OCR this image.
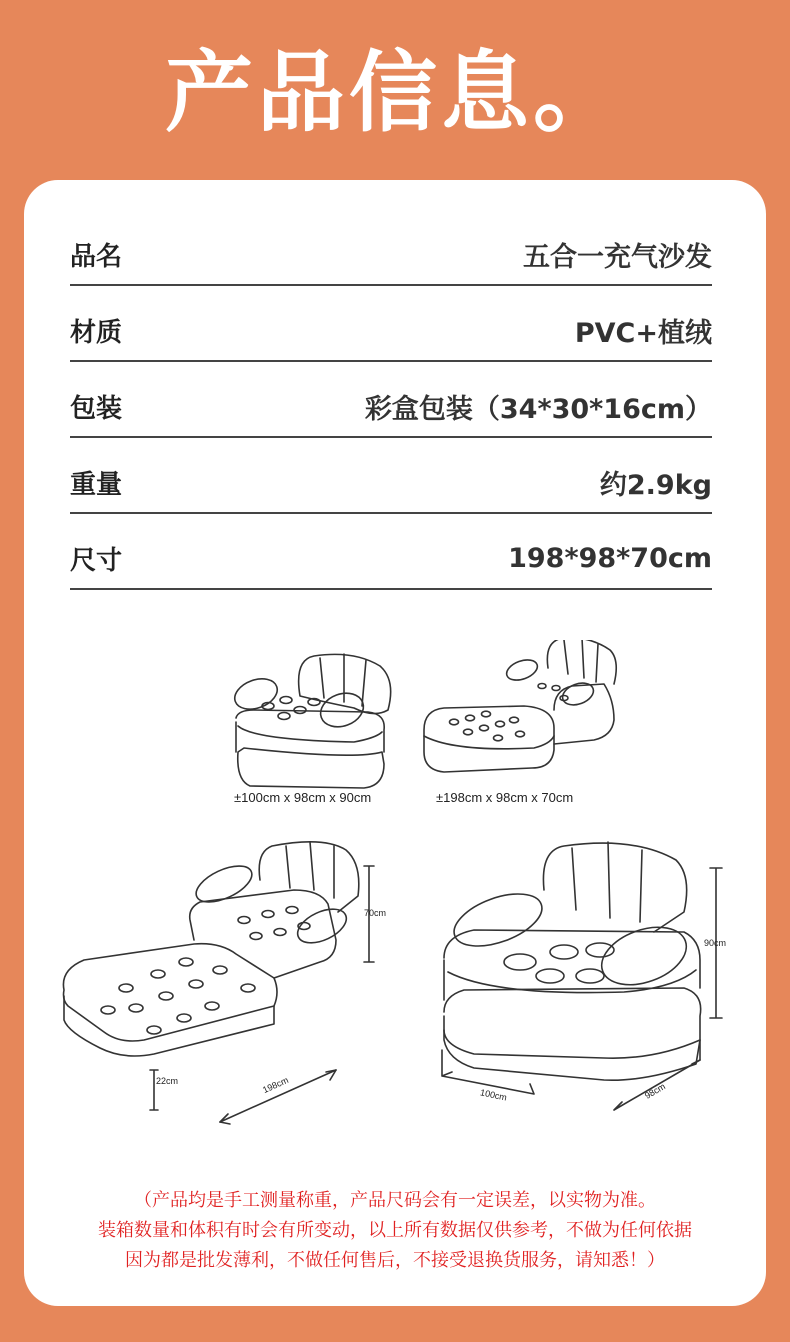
产品信息。
品名	五合一充气沙发
材质	PVC+植绒
包装	彩盒包装（34*30*16cm）
重量	约2.9kg
尺寸	198*98*70cm
±100cm x 98cm x 90cm	±198cm x 98cm x 70cm
70cm
198cm
22cm
90cm
100cm	98cm
（产品均是手工测量称重，产品尺码会有一定误差，以实物为准。
装箱数量和体积有时会有所变动，以上所有数据仅供参考，不做为任何依据
因为都是批发薄利，不做任何售后，不接受退换货服务，请知悉！）
